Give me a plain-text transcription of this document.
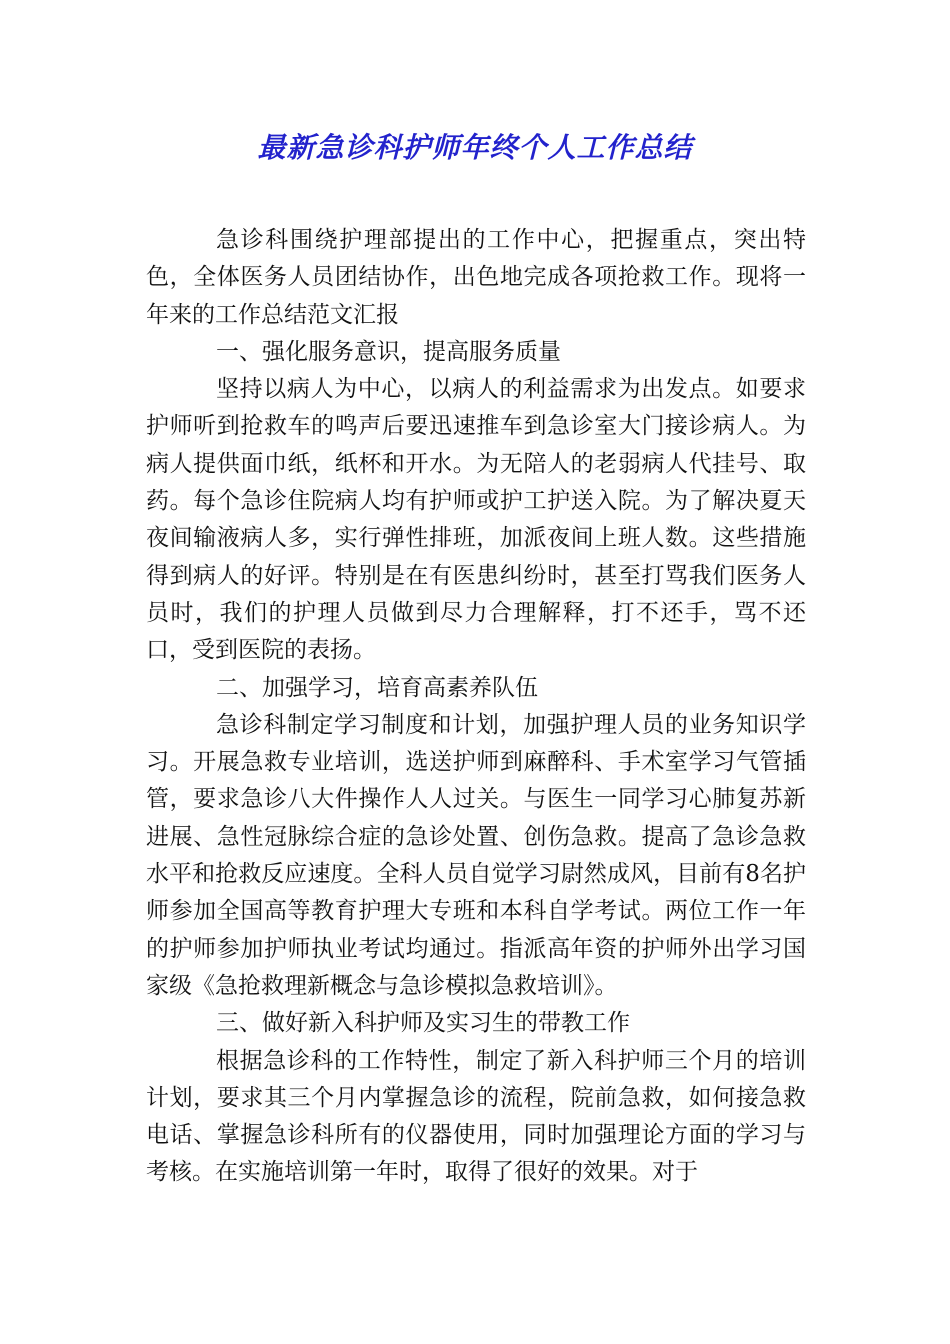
最新急诊科护师年终个人工作总结

急诊科围绕护理部提出的工作中心，把握重点，突出特色，全体医务人员团结协作，出色地完成各项抢救工作。现将一年来的工作总结范文汇报

一、强化服务意识，提高服务质量

坚持以病人为中心，以病人的利益需求为出发点。如要求护师听到抢救车的鸣声后要迅速推车到急诊室大门接诊病人。为病人提供面巾纸，纸杯和开水。为无陪人的老弱病人代挂号、取药。每个急诊住院病人均有护师或护工护送入院。为了解决夏天夜间输液病人多，实行弹性排班，加派夜间上班人数。这些措施得到病人的好评。特别是在有医患纠纷时，甚至打骂我们医务人员时，我们的护理人员做到尽力合理解释，打不还手，骂不还口，受到医院的表扬。

二、加强学习，培育高素养队伍

急诊科制定学习制度和计划，加强护理人员的业务知识学习。开展急救专业培训，选送护师到麻醉科、手术室学习气管插管，要求急诊八大件操作人人过关。与医生一同学习心肺复苏新进展、急性冠脉综合症的急诊处置、创伤急救。提高了急诊急救水平和抢救反应速度。全科人员自觉学习尉然成风，目前有8名护师参加全国高等教育护理大专班和本科自学考试。两位工作一年的护师参加护师执业考试均通过。指派高年资的护师外出学习国家级《急抢救理新概念与急诊模拟急救培训》。

三、做好新入科护师及实习生的带教工作

根据急诊科的工作特性，制定了新入科护师三个月的培训计划，要求其三个月内掌握急诊的流程，院前急救，如何接急救电话、掌握急诊科所有的仪器使用，同时加强理论方面的学习与考核。在实施培训第一年时，取得了很好的效果。对于
